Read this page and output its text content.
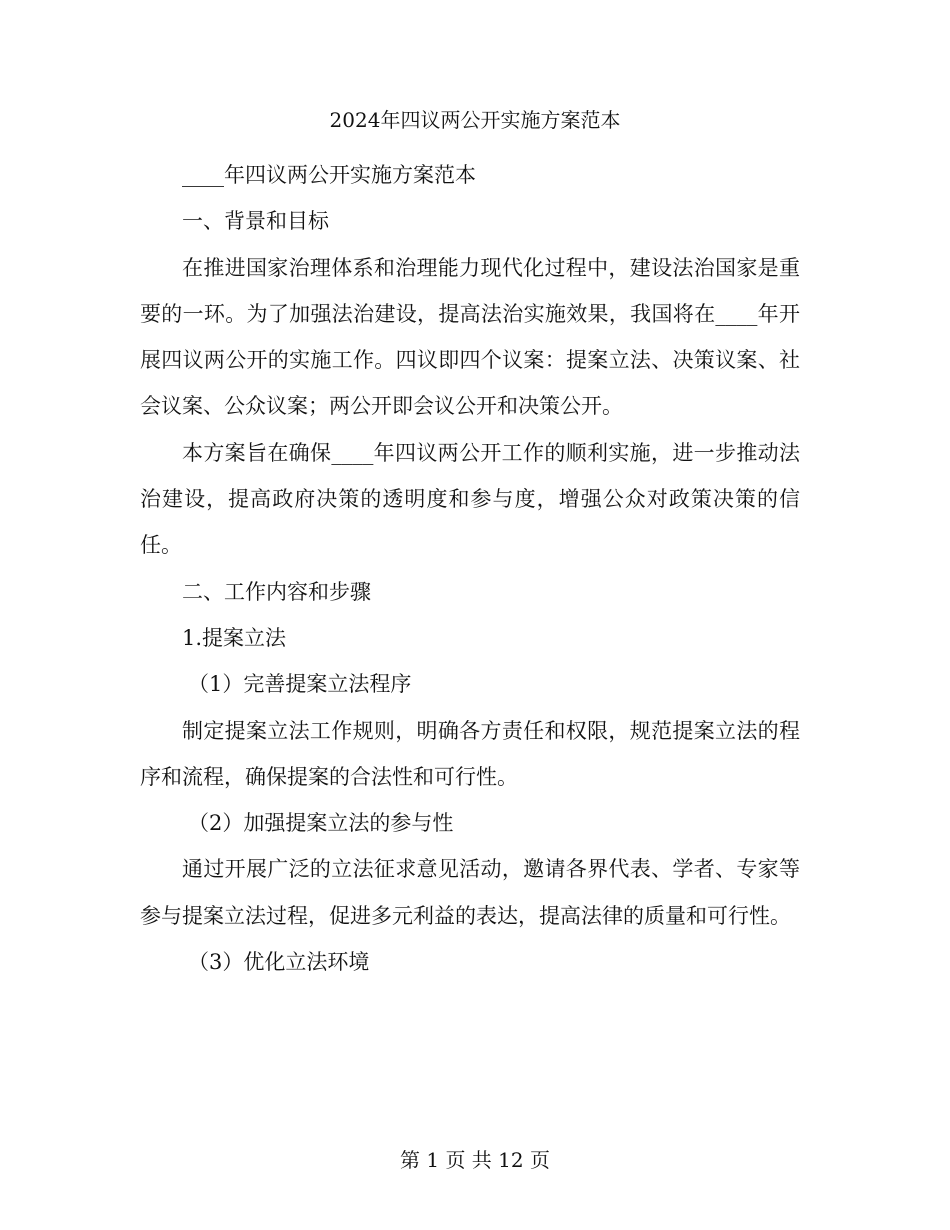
2024年四议两公开实施方案范本

____年四议两公开实施方案范本

一、背景和目标

在推进国家治理体系和治理能力现代化过程中，建设法治国家是重要的一环。为了加强法治建设，提高法治实施效果，我国将在____年开展四议两公开的实施工作。四议即四个议案：提案立法、决策议案、社会议案、公众议案；两公开即会议公开和决策公开。

本方案旨在确保____年四议两公开工作的顺利实施，进一步推动法治建设，提高政府决策的透明度和参与度，增强公众对政策决策的信任。

二、工作内容和步骤

1.提案立法

（1）完善提案立法程序

制定提案立法工作规则，明确各方责任和权限，规范提案立法的程序和流程，确保提案的合法性和可行性。

（2）加强提案立法的参与性

通过开展广泛的立法征求意见活动，邀请各界代表、学者、专家等参与提案立法过程，促进多元利益的表达，提高法律的质量和可行性。

（3）优化立法环境

第 1 页 共 12 页
